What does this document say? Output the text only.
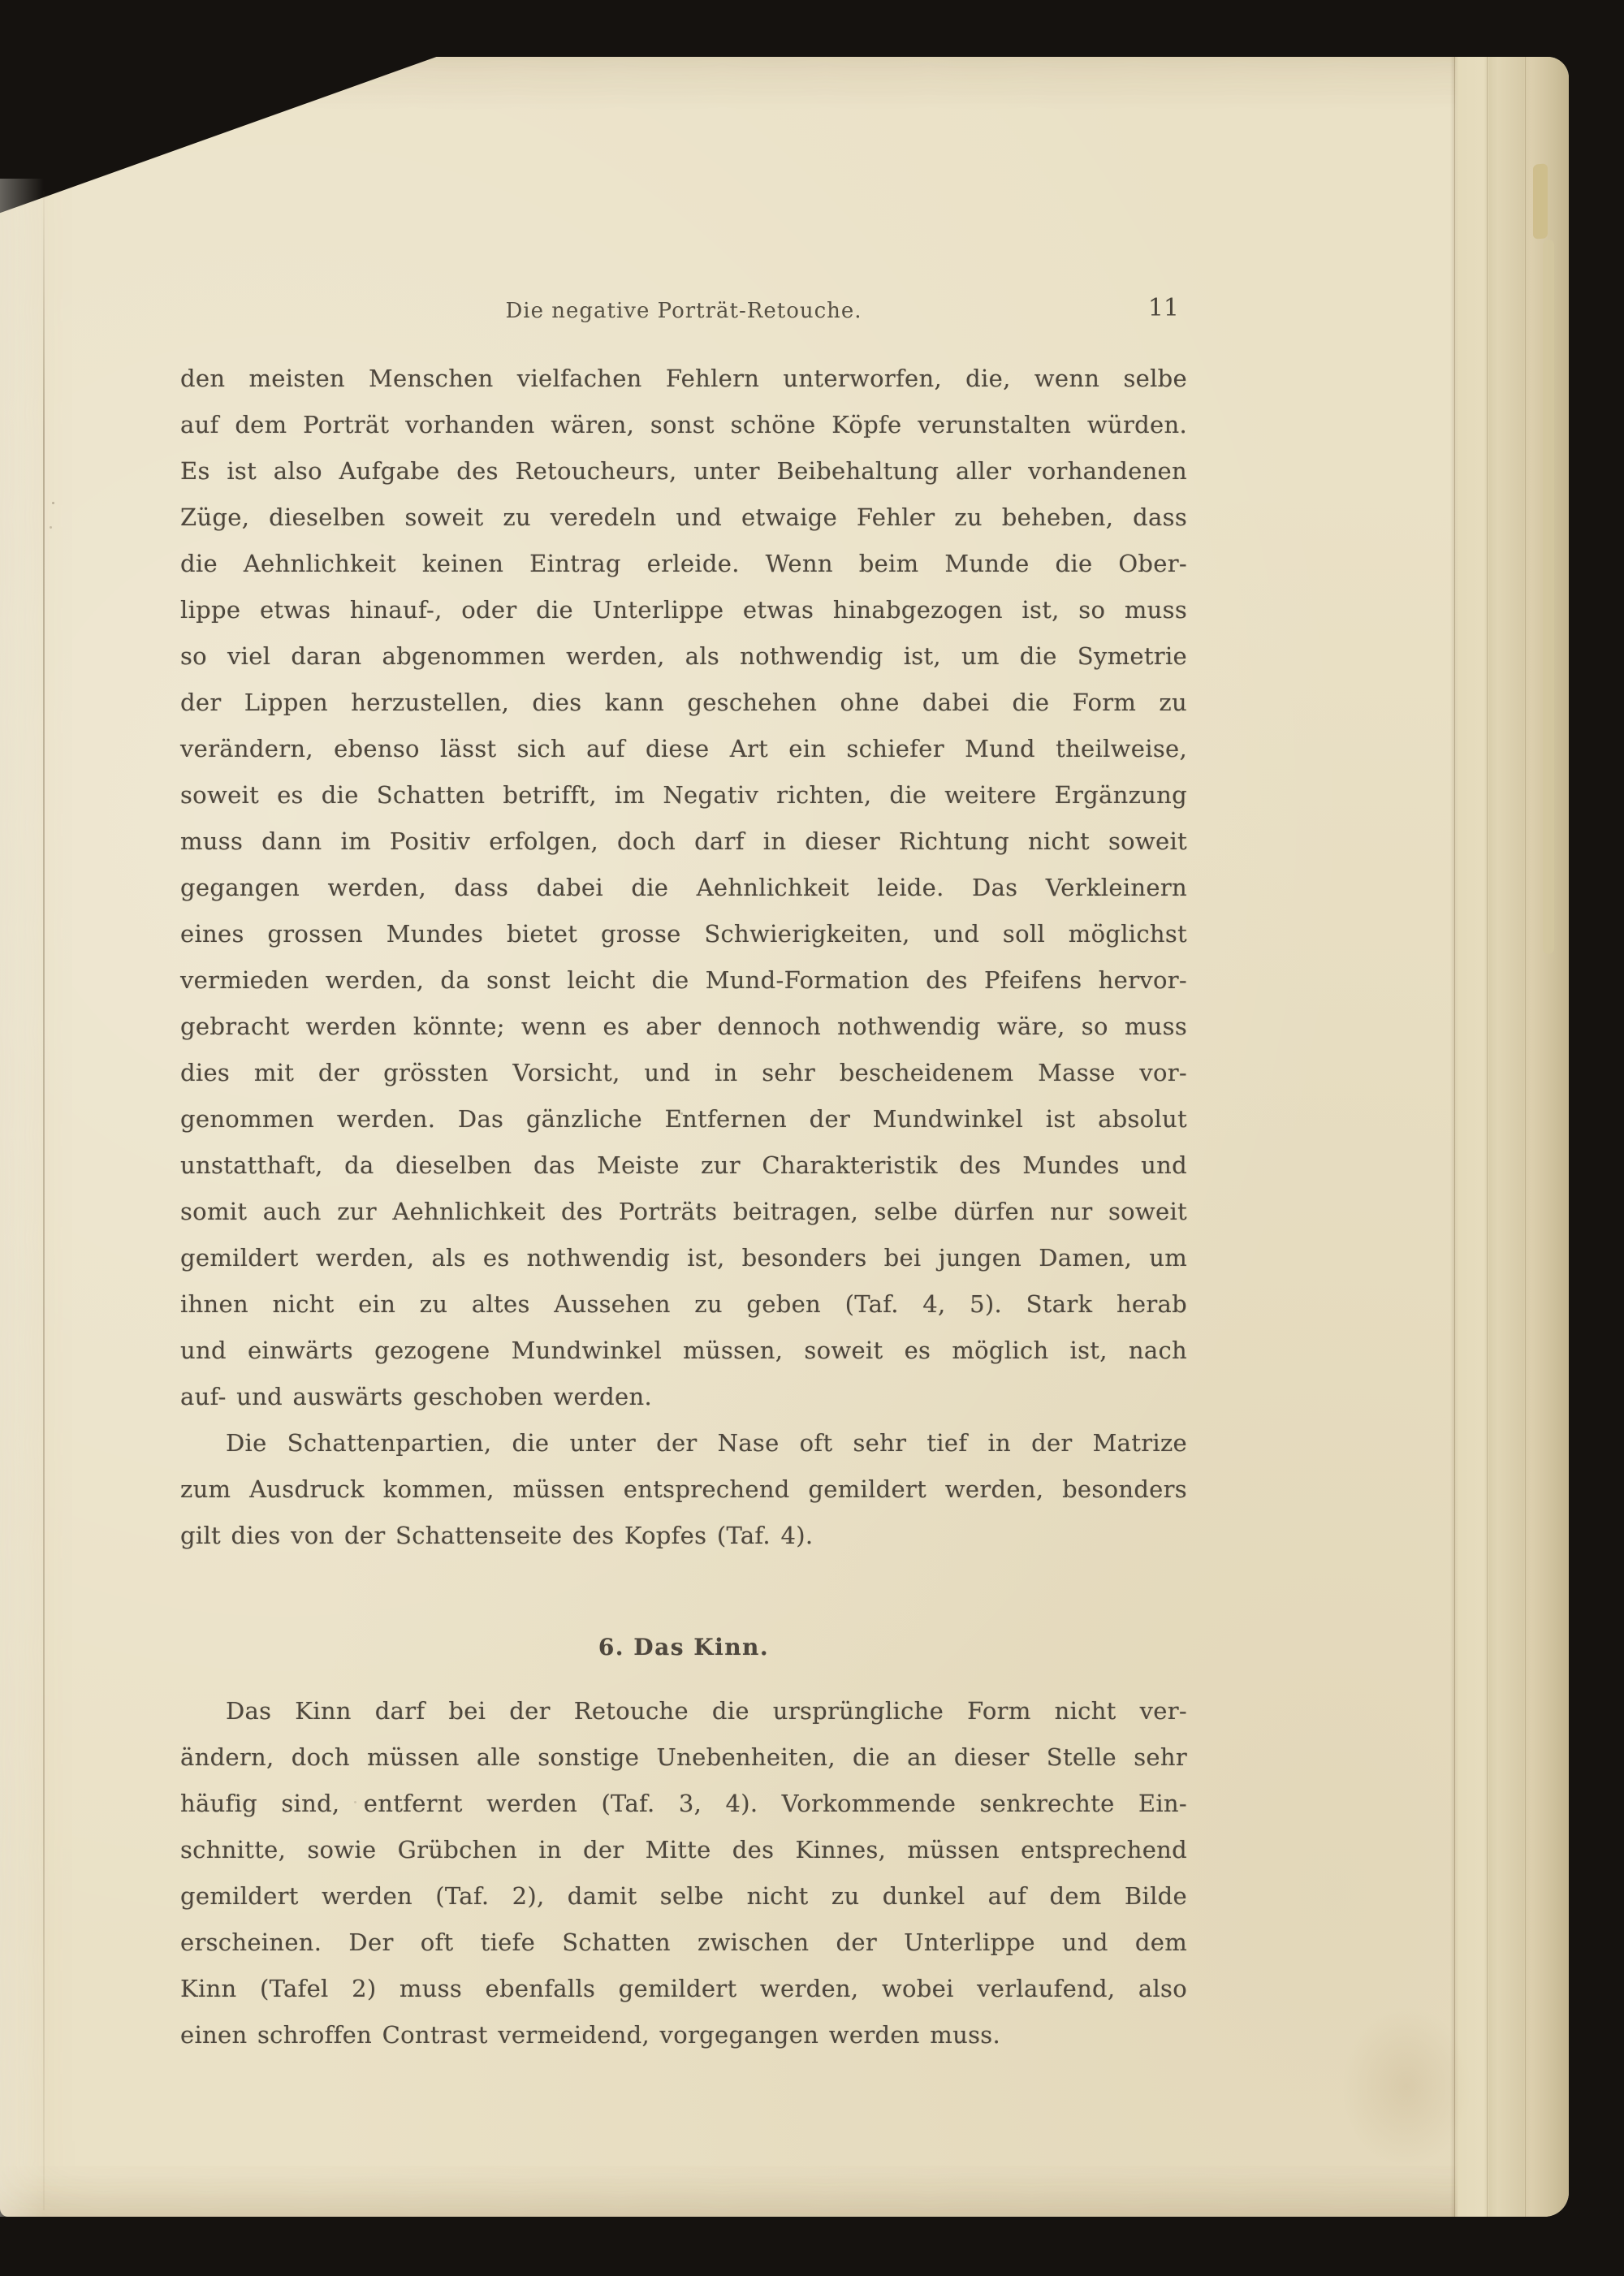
Die negative Porträt-Retouche.	11
den meisten Menschen vielfachen Fehlern unterworfen, die, wenn selbe
auf dem Porträt vorhanden wären, sonst schöne Köpfe verunstalten würden.
Es ist also Aufgabe des Retoucheurs, unter Beibehaltung aller vorhandenen
Züge, dieselben soweit zu veredeln und etwaige Fehler zu beheben, dass
die Aehnlichkeit keinen Eintrag erleide. Wenn beim Munde die Ober-
lippe etwas hinauf-, oder die Unterlippe etwas hinabgezogen ist, so muss
so viel daran abgenommen werden, als nothwendig ist, um die Symetrie
der Lippen herzustellen, dies kann geschehen ohne dabei die Form zu
verändern, ebenso lässt sich auf diese Art ein schiefer Mund theilweise,
soweit es die Schatten betrifft, im Negativ richten, die weitere Ergänzung
muss dann im Positiv erfolgen, doch darf in dieser Richtung nicht soweit
gegangen werden, dass dabei die Aehnlichkeit leide. Das Verkleinern
eines grossen Mundes bietet grosse Schwierigkeiten, und soll möglichst
vermieden werden, da sonst leicht die Mund-Formation des Pfeifens hervor-
gebracht werden könnte; wenn es aber dennoch nothwendig wäre, so muss
dies mit der grössten Vorsicht, und in sehr bescheidenem Masse vor-
genommen werden. Das gänzliche Entfernen der Mundwinkel ist absolut
unstatthaft, da dieselben das Meiste zur Charakteristik des Mundes und
somit auch zur Aehnlichkeit des Porträts beitragen, selbe dürfen nur soweit
gemildert werden, als es nothwendig ist, besonders bei jungen Damen, um
ihnen nicht ein zu altes Aussehen zu geben (Taf. 4, 5). Stark herab
und einwärts gezogene Mundwinkel müssen, soweit es möglich ist, nach
auf- und auswärts geschoben werden.
Die Schattenpartien, die unter der Nase oft sehr tief in der Matrize
zum Ausdruck kommen, müssen entsprechend gemildert werden, besonders
gilt dies von der Schattenseite des Kopfes (Taf. 4).
6. Das Kinn.
Das Kinn darf bei der Retouche die ursprüngliche Form nicht ver-
ändern, doch müssen alle sonstige Unebenheiten, die an dieser Stelle sehr
häufig sind, entfernt werden (Taf. 3, 4). Vorkommende senkrechte Ein-
schnitte, sowie Grübchen in der Mitte des Kinnes, müssen entsprechend
gemildert werden (Taf. 2), damit selbe nicht zu dunkel auf dem Bilde
erscheinen. Der oft tiefe Schatten zwischen der Unterlippe und dem
Kinn (Tafel 2) muss ebenfalls gemildert werden, wobei verlaufend, also
einen schroffen Contrast vermeidend, vorgegangen werden muss.
